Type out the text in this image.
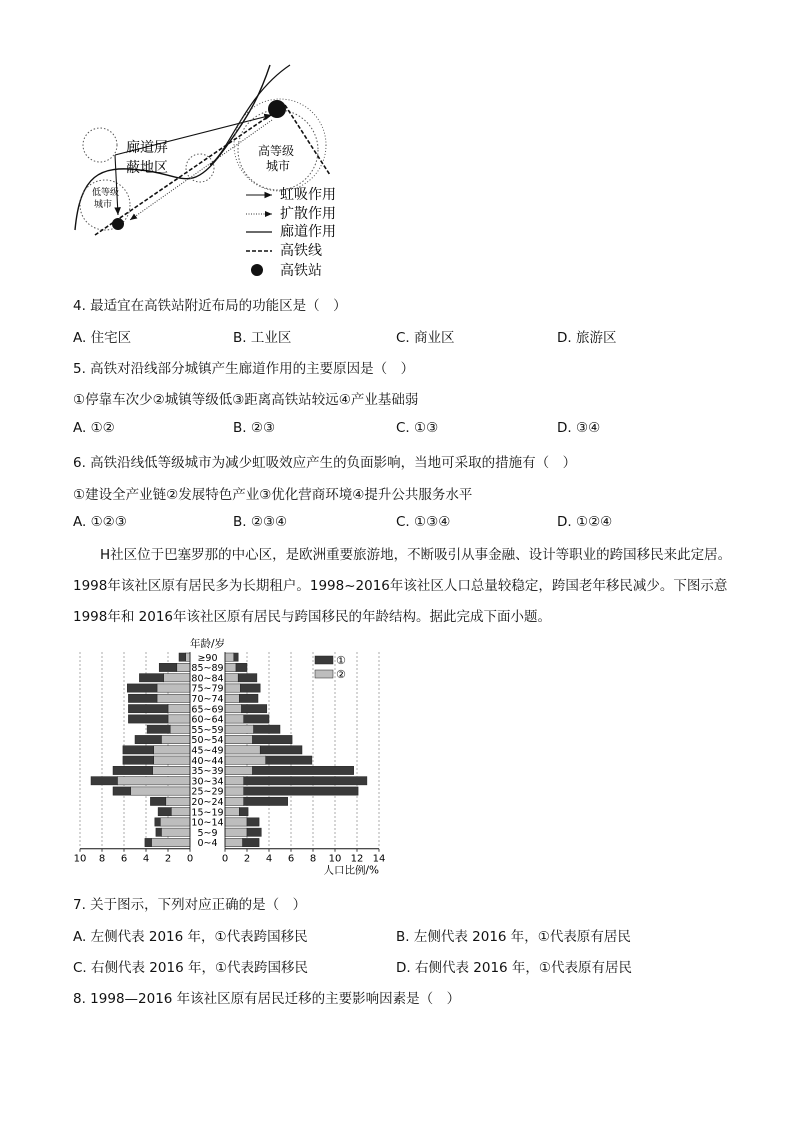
廊道屏
蔽地区
高等级
城市
低等级
城市
虹吸作用
扩散作用
廊道作用
高铁线
高铁站
4. 最适宜在高铁站附近布局的功能区是（　）
A. 住宅区	B. 工业区	C. 商业区	D. 旅游区
5. 高铁对沿线部分城镇产生廊道作用的主要原因是（　）
①停靠车次少②城镇等级低③距离高铁站较远④产业基础弱
A. ①②	B. ②③	C. ①③	D. ③④
6. 高铁沿线低等级城市为减少虹吸效应产生的负面影响，当地可采取的措施有（　）
①建设全产业链②发展特色产业③优化营商环境④提升公共服务水平
A. ①②③	B. ②③④	C. ①③④	D. ①②④
H社区位于巴塞罗那的中心区，是欧洲重要旅游地，不断吸引从事金融、设计等职业的跨国移民来此定居。1998年该社区原有居民多为长期租户。1998~2016年该社区人口总量较稳定，跨国老年移民减少。下图示意 1998年和 2016年该社区原有居民与跨国移民的年龄结构。据此完成下面小题。
≥90
85~89
80~84
75~79
70~74
65~69
60~64
55~59
50~54
45~49
40~44
35~39
30~34
25~29
20~24
15~19
10~14
5~9
0~4
10 8 6 4 2 0	0 2 4 6 8 10 12 14
年龄/岁
人口比例/%
①
②
7. 关于图示，下列对应正确的是（　）
A. 左侧代表 2016 年，①代表跨国移民	B. 左侧代表 2016 年，①代表原有居民
C. 右侧代表 2016 年，①代表跨国移民	D. 右侧代表 2016 年，①代表原有居民
8. 1998—2016 年该社区原有居民迁移的主要影响因素是（　）
